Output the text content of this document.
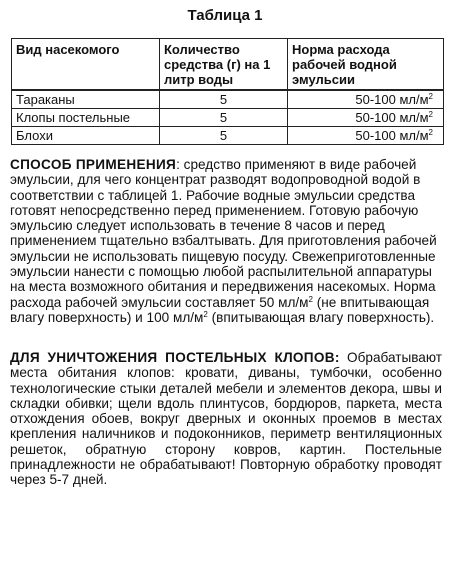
Таблица 1
Вид насекомого	Количество средства (г) на 1 литр воды	Норма расхода рабочей водной эмульсии
Тараканы	5	50-100 $мл/м^2$
Клопы постельные	5	50-100 $мл/м^2$
Блохи	5	50-100 $мл/м^2$

СПОСОБ ПРИМЕНЕНИЯ: средство применяют в виде рабочей эмульсии, для чего концентрат разводят водопроводной водой в соответствии с таблицей 1. Рабочие водные эмульсии средства готовят непосредственно перед применением. Готовую рабочую эмульсию следует использовать в течение 8 часов и перед применением тщательно взбалтывать. Для приготовления рабочей эмульсии не использовать пищевую посуду. Свежеприготовленные эмульсии нанести с помощью любой распылительной аппаратуры на места возможного обитания и передвижения насекомых. Норма расхода рабочей эмульсии составляет 50 $мл/м^2$ (не впитывающая влагу поверхность) и 100 $мл/м^2$ (впитывающая влагу поверхность).

ДЛЯ УНИЧТОЖЕНИЯ ПОСТЕЛЬНЫХ КЛОПОВ: Обрабатывают места обитания клопов: кровати, диваны, тумбочки, особенно технологические стыки деталей мебели и элементов декора, швы и складки обивки; щели вдоль плинтусов, бордюров, паркета, места отхождения обоев, вокруг дверных и оконных проемов в местах крепления наличников и подоконников, периметр вентиляционных решеток, обратную сторону ковров, картин. Постельные принадлежности не обрабатывают! Повторную обработку проводят через 5-7 дней.
